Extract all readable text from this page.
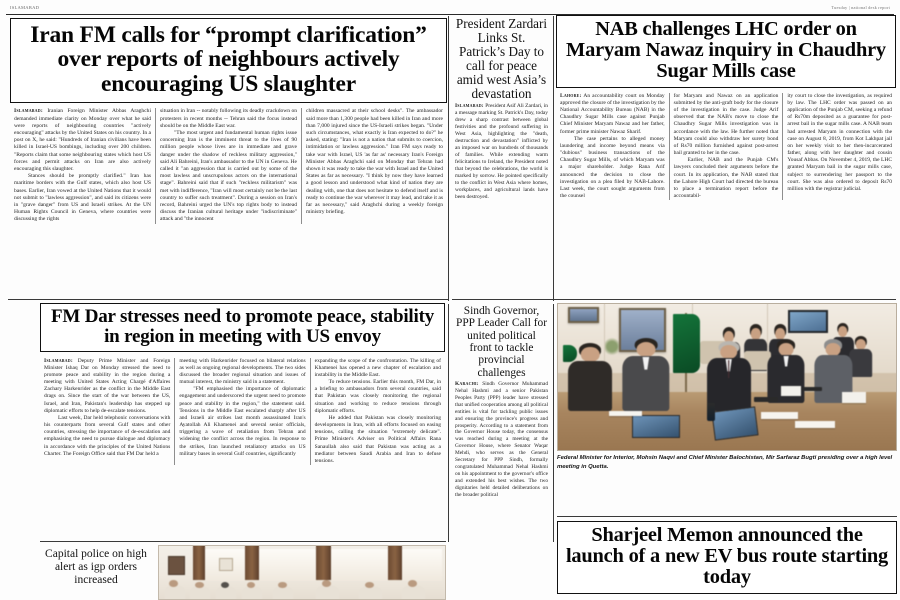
ISLAMABAD	Tuesday | national desk report
Iran FM calls for “prompt clarification” over reports of neighbours actively encouraging US slaughter

Islamabad: Iranian Foreign Minister Abbas Araghchi demanded immediate clarity on Monday over what he said were reports of neighbouring countries "actively encouraging" attacks by the United States on his country. In a post on X, he said: "Hundreds of Iranian civilians have been killed in Israel-US bombings, including over 200 children. "Reports claim that some neighbouring states which host US forces and permit attacks on Iran are also actively encouraging this slaughter.

Stances should be promptly clarified." Iran has maritime borders with the Gulf states, which also host US bases. Earlier, Iran vowed at the United Nations that it would not submit to "lawless aggression", and said its citizens were in "grave danger" from US and Israeli strikes. At the UN Human Rights Council in Geneva, where countries were discussing the rights

situation in Iran -- notably following its deadly crackdown on protesters in recent months -- Tehran said the focus instead should be on the Middle East war.

"The most urgent and fundamental human rights issue concerning Iran is the imminent threat to the lives of 90 million people whose lives are in immediate and grave danger under the shadow of reckless military aggression," said Ali Bahreini, Iran's ambassador to the UN in Geneva. He called it "an aggression that is carried out by some of the most lawless and unscrupulous actors on the international stage". Bahreini said that if such "reckless militarism" was met with indifference, "Iran will most certainly not be the last country to suffer such treatment". During a session on Iran's record, Bahreini urged the UN's top rights body to instead discuss the Iranian cultural heritage under "indiscriminate" attack and "the innocent

children massacred at their school desks". The ambassador said more than 1,300 people had been killed in Iran and more than 7,000 injured since the US-Israeli strikes began. "Under such circumstances, what exactly is Iran expected to do?" he asked, stating: "Iran is not a nation that submits to coercion, intimidation or lawless aggression." Iran FM says ready to take war with Israel, US 'as far as' necessary Iran's Foreign Minister Abbas Araghchi said on Monday that Tehran had shown it was ready to take the war with Israel and the United States as far as necessary. "I think by now they have learned a good lesson and understood what kind of nation they are dealing with, one that does not hesitate to defend itself and is ready to continue the war wherever it may lead, and take it as far as necessary," said Araghchi during a weekly foreign ministry briefing.

President Zardari Links St. Patrick’s Day to call for peace amid west Asia’s devastation

Islamabad: President Asif Ali Zardari, in a message marking St. Patrick's Day, today drew a sharp contrast between global festivities and the profound suffering in West Asia, highlighting the "death, destruction and devastation" inflicted by an imposed war on hundreds of thousands of families. While extending warm felicitations to Ireland, the President noted that beyond the celebrations, the world is marked by sorrow. He pointed specifically to the conflict in West Asia where homes, workplaces, and agricultural lands have been destroyed.

NAB challenges LHC order on Maryam Nawaz inquiry in Chaudhry Sugar Mills case

Lahore: An accountability court on Monday approved the closure of the investigation by the National Accountability Bureau (NAB) in the Chaudhry Sugar Mills case against Punjab Chief Minister Maryam Nawaz and her father, former prime minister Nawaz Sharif.

The case pertains to alleged money laundering and income beyond means via "dubious" business transactions of the Chaudhry Sugar Mills, of which Maryam was a major shareholder. Judge Rana Arif announced the decision to close the investigation on a plea filed by NAB-Lahore. Last week, the court sought arguments from the counsel

for Maryam and Nawaz on an application submitted by the anti-graft body for the closure of the investigation in the case. Judge Arif observed that the NAB's move to close the Chaudhry Sugar Mills investigation was in accordance with the law. He further noted that Maryam could also withdraw her surety bond of Rs70 million furnished against post-arrest bail granted to her in the case.

Earlier, NAB and the Punjab CM's lawyers concluded their arguments before the court. In its application, the NAB stated that the Lahore High Court had directed the bureau to place a termination report before the accountabil-

ity court to close the investigation, as required by law. The LHC order was passed on an application of the Punjab CM, seeking a refund of Rs70m deposited as a guarantee for post-arrest bail in the sugar mills case. A NAB team had arrested Maryam in connection with the case on August 8, 2019, from Kot Lakhpat jail on her weekly visit to her then-incarcerated father, along with her daughter and cousin Yousaf Abbas. On November 4, 2019, the LHC granted Maryam bail in the sugar mills case, subject to surrendering her passport to the court. She was also ordered to deposit Rs70 million with the registrar judicial.

FM Dar stresses need to promote peace, stability in region in meeting with US envoy

Islamabad: Deputy Prime Minister and Foreign Minister Ishaq Dar on Monday stressed the need to promote peace and stability in the region during a meeting with United States Acting Chargé d'Affaires Zachary Harkenrider as the conflict in the Middle East drags on. Since the start of the war between the US, Israel, and Iran, Pakistan's leadership has stepped up diplomatic efforts to help de-escalate tensions.

Last week, Dar held telephonic conversations with his counterparts from several Gulf states and other countries, stressing the importance of de-escalation and emphasising the need to pursue dialogue and diplomacy in accordance with the principles of the United Nations Charter. The Foreign Office said that FM Dar held a

meeting with Harkenrider focused on bilateral relations as well as ongoing regional developments. The two sides discussed the broader regional situation and issues of mutual interest, the ministry said in a statement.

"FM emphasised the importance of diplomatic engagement and underscored the urgent need to promote peace and stability in the region," the statement said. Tensions in the Middle East escalated sharply after US and Israeli air strikes last month assassinated Iran's Ayatollah Ali Khamenei and several senior officials, triggering a wave of retaliation from Tehran and widening the conflict across the region. In response to the strikes, Iran launched retaliatory attacks on US military bases in several Gulf countries, significantly

expanding the scope of the confrontation. The killing of Khamenei has opened a new chapter of escalation and instability in the Middle East.

To reduce tensions. Earlier this month, FM Dar, in a briefing to ambassadors from several countries, said that Pakistan was closely monitoring the regional situation and working to reduce tensions through diplomatic efforts.

He added that Pakistan was closely monitoring developments in Iran, with all efforts focused on easing tensions, calling the situation "extremely delicate". Prime Minister's Adviser on Political Affairs Rana Sanaullah also said that Pakistan was acting as a mediator between Saudi Arabia and Iran to defuse tensions.

Sindh Governor, PPP Leader Call for united political front to tackle provincial challenges

Karachi: Sindh Governor Muhammad Nehal Hashmi and a senior Pakistan Peoples Party (PPP) leader have stressed that unified cooperation among all political entities is vital for tackling public issues and ensuring the province's progress and prosperity. According to a statement from the Governor House today, the consensus was reached during a meeting at the Governor House, where Senator Waqar Mehdi, who serves as the General Secretary for PPP Sindh, formally congratulated Muhammad Nehal Hashmi on his appointment to the governor's office and extended his best wishes. The two dignitaries held detailed deliberations on the broader political

Federal Minister for Interior, Mohsin Naqvi and Chief Minister Balochistan, Mir Sarfaraz Bugti presiding over a high level meeting in Quetta.
Sharjeel Memon announced the launch of a new EV bus route starting today
Capital police on high alert as igp orders increased
